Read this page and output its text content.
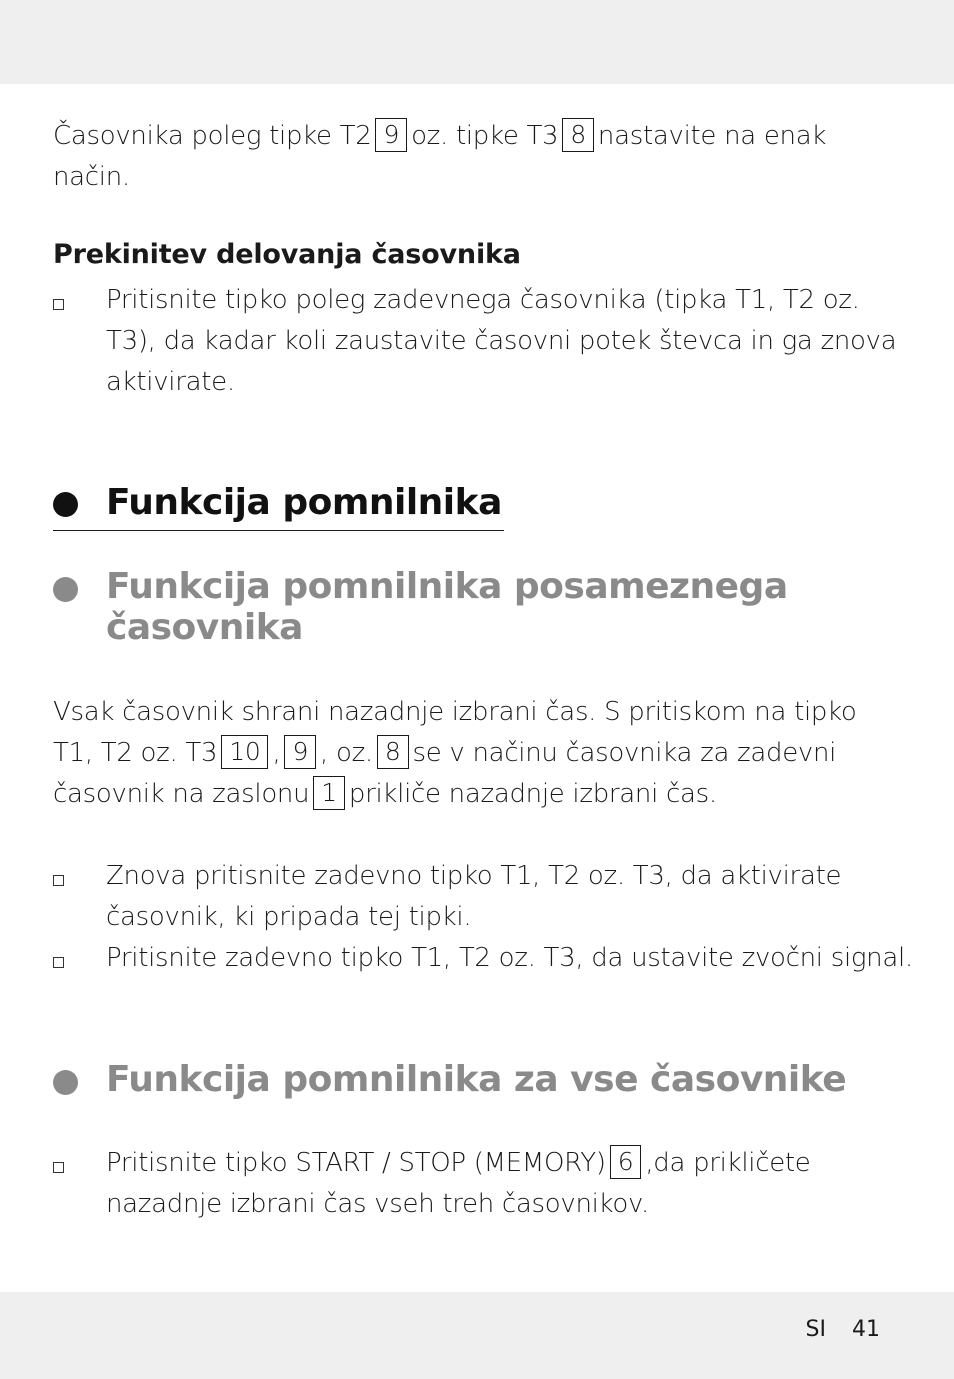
Časovnika poleg tipke T2 9 oz. tipke T3 8 nastavite na enak
način.
Prekinitev delovanja časovnika
Pritisnite tipko poleg zadevnega časovnika (tipka T1, T2 oz.
T3), da kadar koli zaustavite časovni potek števca in ga znova
aktivirate.
Funkcija pomnilnika
Funkcija pomnilnika posameznega časovnika
Vsak časovnik shrani nazadnje izbrani čas. S pritiskom na tipko
T1, T2 oz. T3 10 , 9 , oz. 8 se v načinu časovnika za zadevni
časovnik na zaslonu 1 prikliče nazadnje izbrani čas.
Znova pritisnite zadevno tipko T1, T2 oz. T3, da aktivirate
časovnik, ki pripada tej tipki.
Pritisnite zadevno tipko T1, T2 oz. T3, da ustavite zvočni signal.
Funkcija pomnilnika za vse časovnike
Pritisnite tipko START / STOP (MEMORY) 6 ,da prikličete
nazadnje izbrani čas vseh treh časovnikov.
SI 41
